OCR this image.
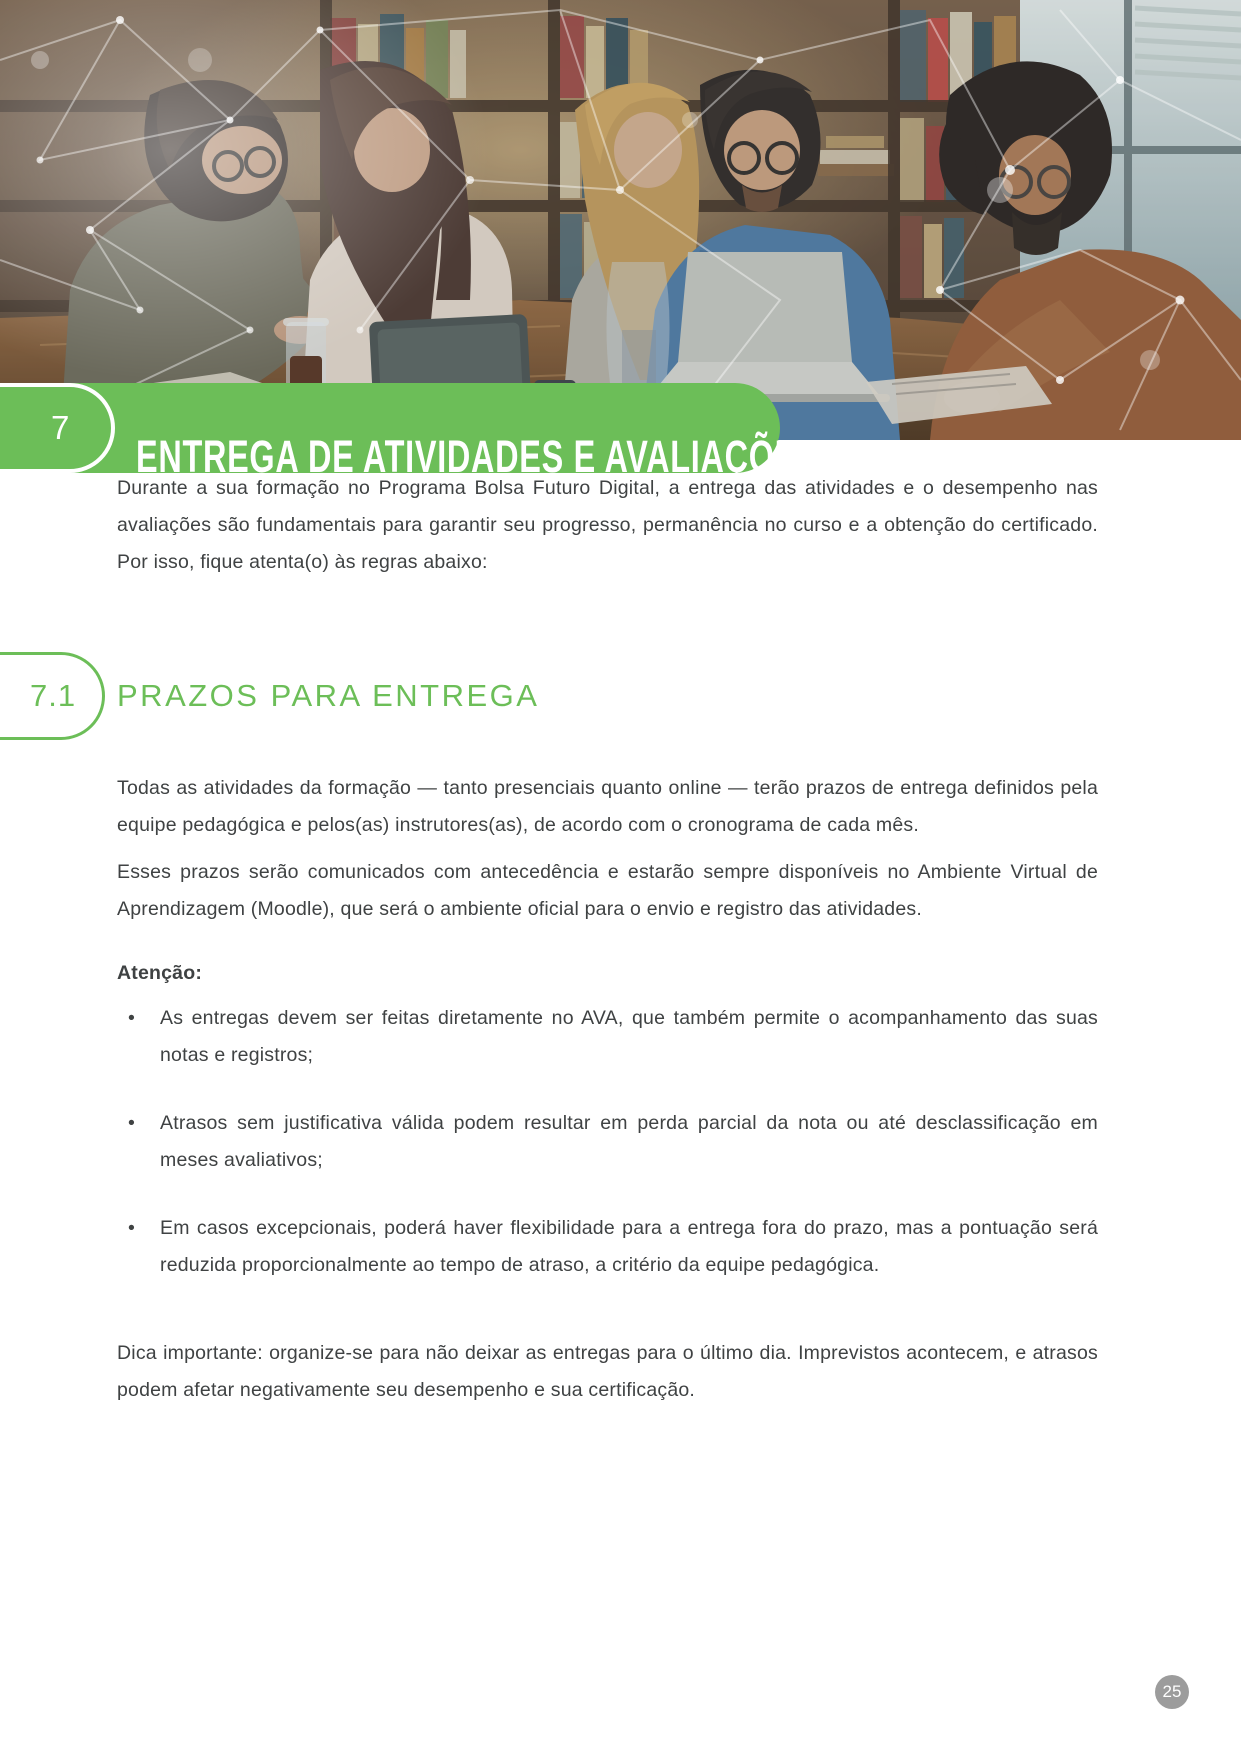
ENTREGA DE ATIVIDADES E AVALIAÇÕES
7
7.1

Durante a sua formação no Programa Bolsa Futuro Digital, a entrega das atividades e o desempenho nas avaliações são fundamentais para garantir seu progresso, permanência no curso e a obtenção do certificado. Por isso, fique atenta(o) às regras abaixo:

PRAZOS PARA ENTREGA

Todas as atividades da formação — tanto presenciais quanto online — terão prazos de entrega definidos pela equipe pedagógica e pelos(as) instrutores(as), de acordo com o cronograma de cada mês.

Esses prazos serão comunicados com antecedência e estarão sempre disponíveis no Ambiente Virtual de Aprendizagem (Moodle), que será o ambiente oficial para o envio e registro das atividades.

Atenção:

•	As entregas devem ser feitas diretamente no AVA, que também permite o acompanhamento das suas notas e registros;
•	Atrasos sem justificativa válida podem resultar em perda parcial da nota ou até desclassificação em meses avaliativos;
•	Em casos excepcionais, poderá haver flexibilidade para a entrega fora do prazo, mas a pontuação será reduzida proporcionalmente ao tempo de atraso, a critério da equipe pedagógica.

Dica importante: organize-se para não deixar as entregas para o último dia. Imprevistos acontecem, e atrasos podem afetar negativamente seu desempenho e sua certificação.

25
